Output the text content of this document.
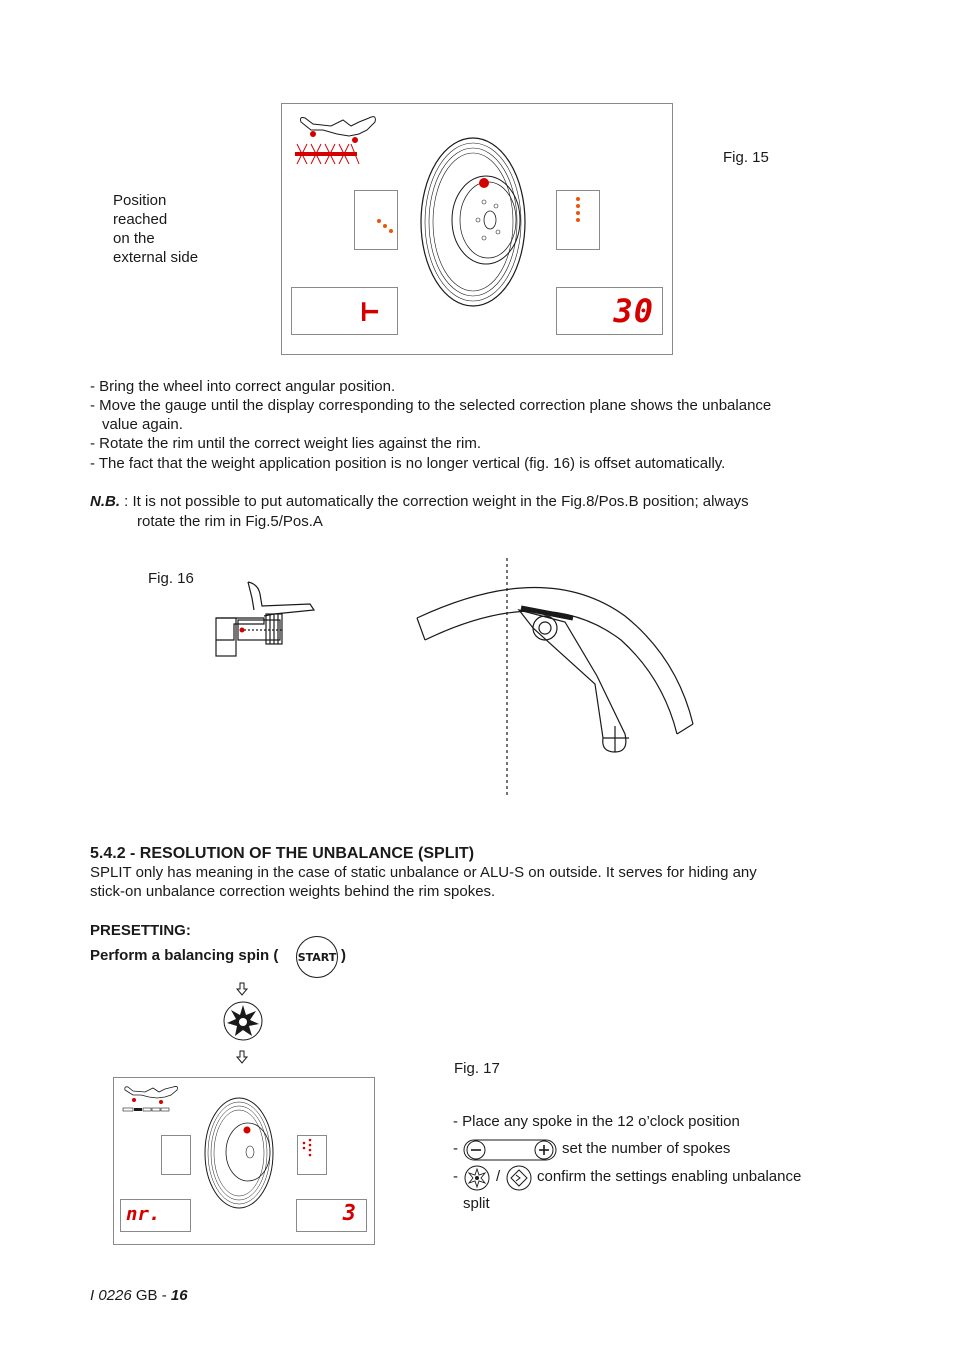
⊢	30
Fig. 15
Position
reached
on the
external side
- Bring the wheel into correct angular position.
- Move the gauge until the display corresponding to the selected correction plane shows the unbalance
value again.
- Rotate the rim until the correct weight lies against the rim.
- The fact that the weight application position is no longer vertical (fig. 16) is offset automatically.
N.B. : It is not possible to put automatically the correction weight in the Fig.8/Pos.B position; always
rotate the rim in Fig.5/Pos.A
Fig. 16
5.4.2 - RESOLUTION OF THE UNBALANCE (SPLIT)
SPLIT only has meaning in the case of static unbalance or ALU-S on outside. It serves for hiding any
stick-on unbalance correction weights behind the rim spokes.
PRESETTING:
Perform a balancing spin ( START )
nr.	3
Fig. 17
- Place any spoke in the 12 o’clock position
-	set the number of spokes
-	/ confirm the settings enabling unbalance
split
I 0226 GB - 16
